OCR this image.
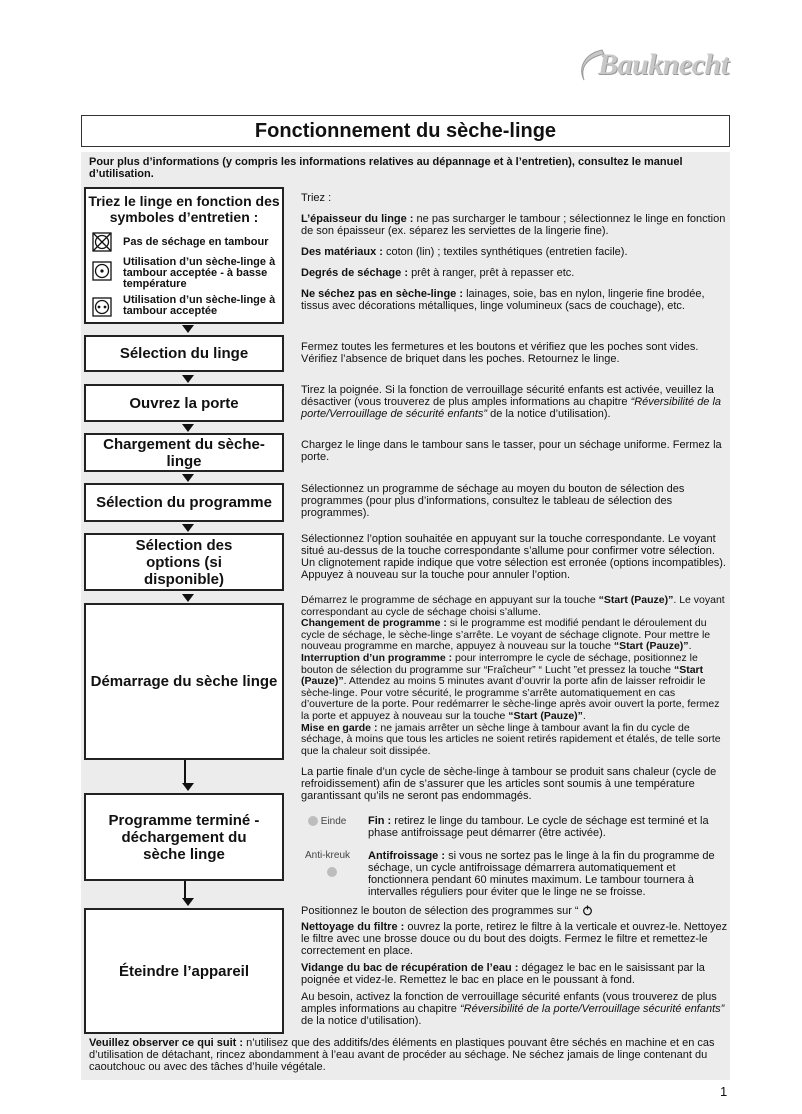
Bauknecht
Fonctionnement du sèche-linge
Pour plus d’informations (y compris les informations relatives au dépannage et à l’entretien), consultez le manuel d’utilisation.
Triez le linge en fonction des symboles d’entretien :
Pas de séchage en tambour
Utilisation d’un sèche-linge à tambour acceptée - à basse température
Utilisation d’un sèche-linge à tambour acceptée
Sélection du linge
Ouvrez la porte
Chargement du sèche-linge
Sélection du programme
Sélection des options (si disponible)
Démarrage du sèche linge
Programme terminé - déchargement du sèche linge
Éteindre l’appareil

Triez :

L’épaisseur du linge : ne pas surcharger le tambour ; sélectionnez le linge en fonction de son épaisseur (ex. séparez les serviettes de la lingerie fine).

Des matériaux : coton (lin) ; textiles synthétiques (entretien facile).

Degrés de séchage : prêt à ranger, prêt à repasser etc.

Ne séchez pas en sèche-linge : lainages, soie, bas en nylon, lingerie fine brodée, tissus avec décorations métalliques, linge volumineux (sacs de couchage), etc.

Fermez toutes les fermetures et les boutons et vérifiez que les poches sont vides. Vérifiez l’absence de briquet dans les poches. Retournez le linge.
Tirez la poignée. Si la fonction de verrouillage sécurité enfants est activée, veuillez la désactiver (vous trouverez de plus amples informations au chapitre “Réversibilité de la porte/Verrouillage de sécurité enfants” de la notice d’utilisation).
Chargez le linge dans le tambour sans le tasser, pour un séchage uniforme. Fermez la porte.
Sélectionnez un programme de séchage au moyen du bouton de sélection des programmes (pour plus d’informations, consultez le tableau de sélection des programmes).
Sélectionnez l’option souhaitée en appuyant sur la touche correspondante. Le voyant situé au-dessus de la touche correspondante s’allume pour confirmer votre sélection. Un clignotement rapide indique que votre sélection est erronée (options incompatibles). Appuyez à nouveau sur la touche pour annuler l’option.
Démarrez le programme de séchage en appuyant sur la touche “Start (Pauze)”. Le voyant correspondant au cycle de séchage choisi s’allume.
Changement de programme : si le programme est modifié pendant le déroulement du cycle de séchage, le sèche-linge s’arrête. Le voyant de séchage clignote. Pour mettre le nouveau programme en marche, appuyez à nouveau sur la touche “Start (Pauze)”.
Interruption d’un programme : pour interrompre le cycle de séchage, positionnez le bouton de sélection du programme sur “Fraîcheur” “ Lucht ”et pressez la touche “Start (Pauze)”. Attendez au moins 5 minutes avant d’ouvrir la porte afin de laisser refroidir le sèche-linge. Pour votre sécurité, le programme s’arrête automatiquement en cas d’ouverture de la porte. Pour redémarrer le sèche-linge après avoir ouvert la porte, fermez la porte et appuyez à nouveau sur la touche “Start (Pauze)”.
Mise en garde : ne jamais arrêter un sèche linge à tambour avant la fin du cycle de séchage, à moins que tous les articles ne soient retirés rapidement et étalés, de telle sorte que la chaleur soit dissipée.
La partie finale d’un cycle de sèche-linge à tambour se produit sans chaleur (cycle de refroidissement) afin de s’assurer que les articles sont soumis à une température garantissant qu’ils ne seront pas endommagés.
Einde Fin : retirez le linge du tambour. Le cycle de séchage est terminé et la phase antifroissage peut démarrer (être activée).
Anti-kreuk Antifroissage : si vous ne sortez pas le linge à la fin du programme de séchage, un cycle antifroissage démarrera automatiquement et fonctionnera pendant 60 minutes maximum. Le tambour tournera à intervalles réguliers pour éviter que le linge ne se froisse.

Positionnez le bouton de sélection des programmes sur “

Nettoyage du filtre : ouvrez la porte, retirez le filtre à la verticale et ouvrez-le. Nettoyez le filtre avec une brosse douce ou du bout des doigts. Fermez le filtre et remettez-le correctement en place.

Vidange du bac de récupération de l’eau : dégagez le bac en le saisissant par la poignée et videz-le. Remettez le bac en place en le poussant à fond.

Au besoin, activez la fonction de verrouillage sécurité enfants (vous trouverez de plus amples informations au chapitre “Réversibilité de la porte/Verrouillage sécurité enfants” de la notice d’utilisation).

Veuillez observer ce qui suit : n’utilisez que des additifs/des éléments en plastiques pouvant être séchés en machine et en cas d’utilisation de détachant, rincez abondamment à l’eau avant de procéder au séchage. Ne séchez jamais de linge contenant du caoutchouc ou avec des tâches d’huile végétale.
1
